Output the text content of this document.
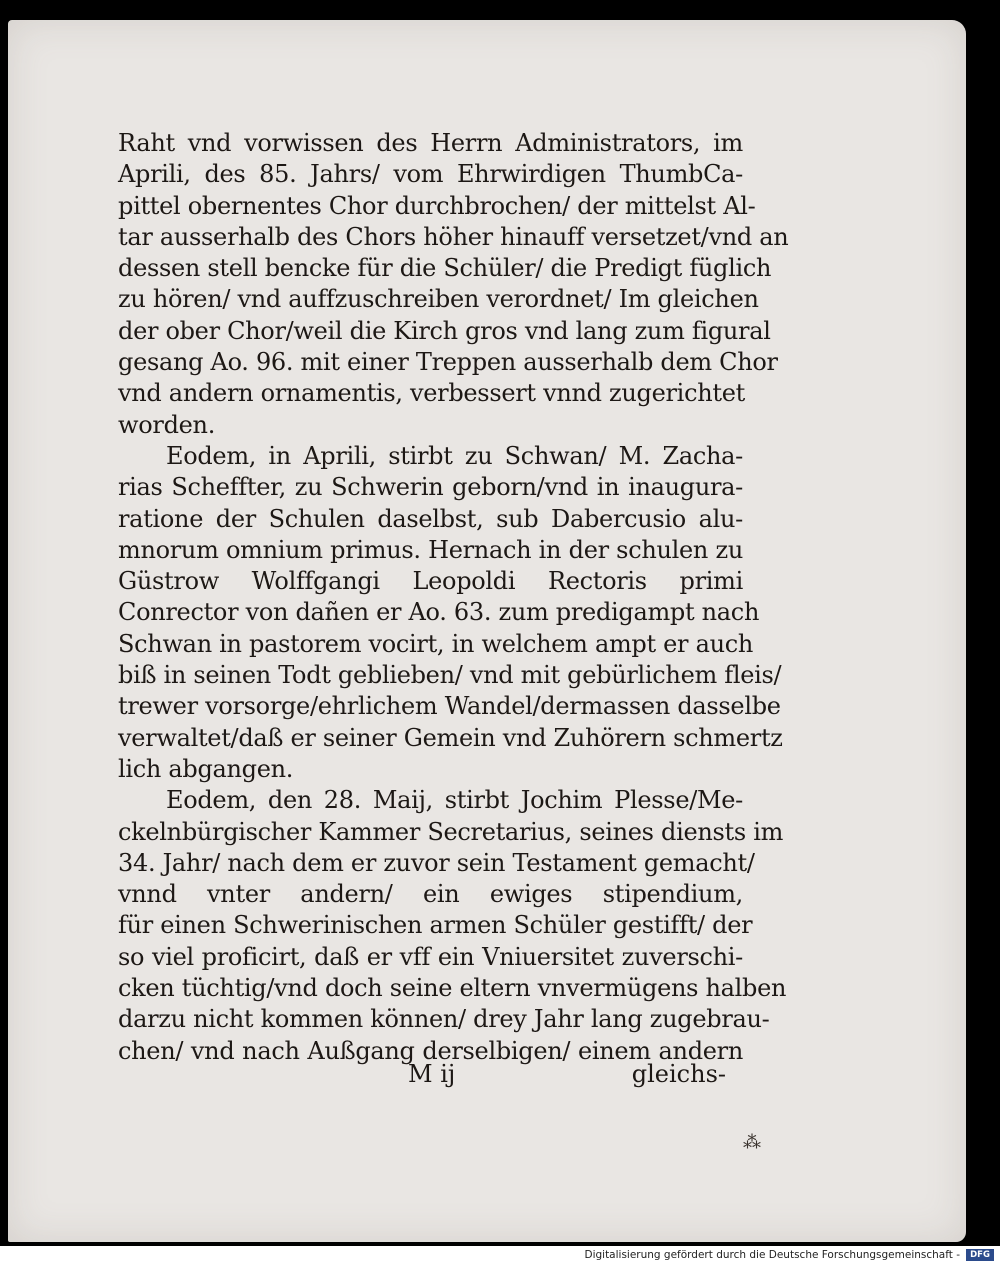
Raht vnd vorwissen des Herrn Administrators, im
Aprili, des 85. Jahrs/ vom Ehrwirdigen ThumbCa-
pittel obernentes Chor durchbrochen/ der mittelst Al-
tar ausserhalb des Chors höher hinauff versetzet/vnd an
dessen stell bencke für die Schüler/ die Predigt füglich
zu hören/ vnd auffzuschreiben verordnet/ Im gleichen
der ober Chor/weil die Kirch gros vnd lang zum figural
gesang Ao. 96. mit einer Treppen ausserhalb dem Chor
vnd andern ornamentis, verbessert vnnd zugerichtet
worden.
Eodem, in Aprili, stirbt zu Schwan/ M. Zacha-
rias Scheffter, zu Schwerin geborn/vnd in inaugura-
ratione der Schulen daselbst, sub Dabercusio alu-
mnorum omnium primus. Hernach in der schulen zu
Güstrow Wolffgangi Leopoldi Rectoris primi
Conrector von dañen er Ao. 63. zum predigampt nach
Schwan in pastorem vocirt, in welchem ampt er auch
biß in seinen Todt geblieben/ vnd mit gebürlichem fleis/
trewer vorsorge/ehrlichem Wandel/dermassen dasselbe
verwaltet/daß er seiner Gemein vnd Zuhörern schmertz
lich abgangen.
Eodem, den 28. Maij, stirbt Jochim Plesse/Me-
ckelnbürgischer Kammer Secretarius, seines diensts im
34. Jahr/ nach dem er zuvor sein Testament gemacht/
vnnd vnter andern/ ein ewiges stipendium,
für einen Schwerinischen armen Schüler gestifft/ der
so viel proficirt, daß er vff ein Vniuersitet zuverschi-
cken tüchtig/vnd doch seine eltern vnvermügens halben
darzu nicht kommen können/ drey Jahr lang zugebrau-
chen/ vnd nach Außgang derselbigen/ einem andern
M ij	gleichs-
⁂
Digitalisierung gefördert durch die Deutsche Forschungsgemeinschaft -	DFG
